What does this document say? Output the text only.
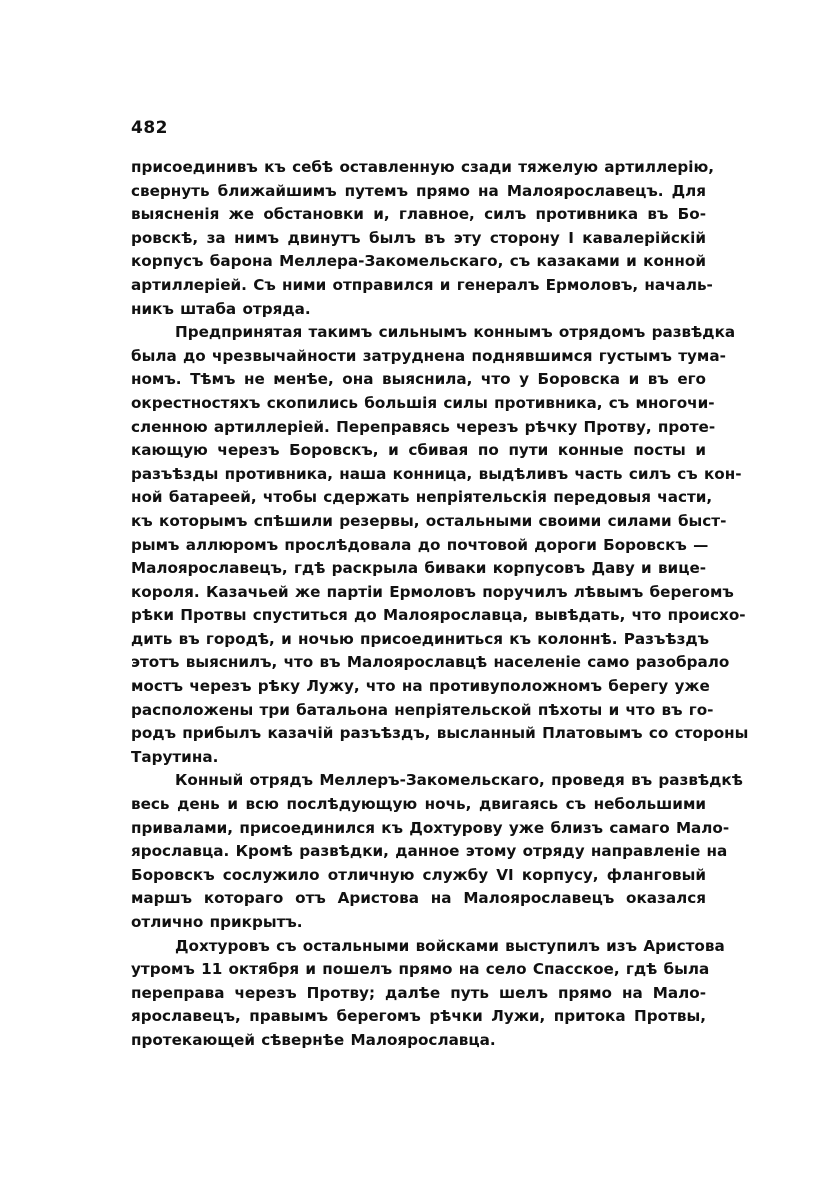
482
присоединивъ къ себѣ оставленную сзади тяжелую артиллерію,
свернуть ближайшимъ путемъ прямо на Малоярославецъ. Для
выясненія же обстановки и, главное, силъ противника въ Бо-
ровскѣ, за нимъ двинутъ былъ въ эту сторону I кавалерійскій
корпусъ барона Меллера-Закомельскаго, съ казаками и конной
артиллеріей. Съ ними отправился и генералъ Ермоловъ, началь-
никъ штаба отряда.
Предпринятая такимъ сильнымъ коннымъ отрядомъ развѣдка
была до чрезвычайности затруднена поднявшимся густымъ тума-
номъ. Тѣмъ не менѣе, она выяснила, что у Боровска и въ его
окрестностяхъ скопились большія силы противника, съ многочи-
сленною артиллеріей. Переправясь черезъ рѣчку Протву, проте-
кающую черезъ Боровскъ, и сбивая по пути конные посты и
разъѣзды противника, наша конница, выдѣливъ часть силъ съ кон-
ной батареей, чтобы сдержать непріятельскія передовыя части,
къ которымъ спѣшили резервы, остальными своими силами быст-
рымъ аллюромъ прослѣдовала до почтовой дороги Боровскъ —
Малоярославецъ, гдѣ раскрыла биваки корпусовъ Даву и вице-
короля. Казачьей же партіи Ермоловъ поручилъ лѣвымъ берегомъ
рѣки Протвы спуститься до Малоярославца, вывѣдать, что происхо-
дить въ городѣ, и ночью присоединиться къ колоннѣ. Разъѣздъ
этотъ выяснилъ, что въ Малоярославцѣ населеніе само разобрало
мостъ черезъ рѣку Лужу, что на противуположномъ берегу уже
расположены три батальона непріятельской пѣхоты и что въ го-
родъ прибылъ казачій разъѣздъ, высланный Платовымъ со стороны
Тарутина.
Конный отрядъ Меллеръ-Закомельскаго, проведя въ развѣдкѣ
весь день и всю послѣдующую ночь, двигаясь съ небольшими
привалами, присоединился къ Дохтурову уже близъ самаго Мало-
ярославца. Кромѣ развѣдки, данное этому отряду направленіе на
Боровскъ сослужило отличную службу VI корпусу, фланговый
маршъ котораго отъ Аристова на Малоярославецъ оказался
отлично прикрытъ.
Дохтуровъ съ остальными войсками выступилъ изъ Аристова
утромъ 11 октября и пошелъ прямо на село Спасское, гдѣ была
переправа черезъ Протву; далѣе путь шелъ прямо на Мало-
ярославецъ, правымъ берегомъ рѣчки Лужи, притока Протвы,
протекающей сѣвернѣе Малоярославца.
